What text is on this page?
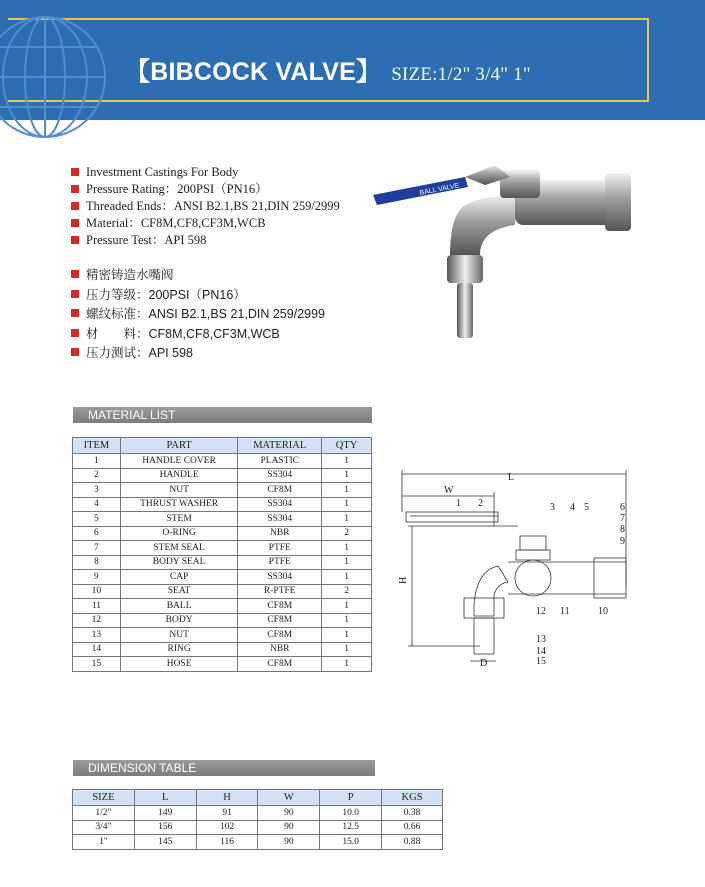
【BIBCOCK VALVE】 SIZE:1/2" 3/4" 1"
Investment Castings For Body
Pressure Rating：200PSI（PN16）
Threaded Ends：ANSI B2.1,BS 21,DIN 259/2999
Material：CF8M,CF8,CF3M,WCB
Pressure Test：API 598
精密铸造水嘴阀
压力等级：200PSI（PN16）
螺纹标准：ANSI B2.1,BS 21,DIN 259/2999
材　　料：CF8M,CF8,CF3M,WCB
压力测试：API 598
BALL VALVE
MATERIAL LIST
ITEM	PART	MATERIAL	QTY
1	HANDLE COVER	PLASTIC	1
2	HANDLE	SS304	1
3	NUT	CF8M	1
4	THRUST WASHER	SS304	1
5	STEM	SS304	1
6	O-RING	NBR	2
7	STEM SEAL	PTFE	1
8	BODY SEAL	PTFE	1
9	CAP	SS304	1
10	SEAT	R-PTFE	2
11	BALL	CF8M	1
12	BODY	CF8M	1
13	NUT	CF8M	1
14	RING	NBR	1
15	HOSE	CF8M	1
L
W
H
D
1 2	3 4 5	6
7
8
9
10
11
12
13
14
15
DIMENSION TABLE
SIZE	L	H	W	P	KGS
1/2"	149	91	90	10.0	0.38
3/4"	156	102	90	12.5	0.66
1"	145	116	90	15.0	0.88
